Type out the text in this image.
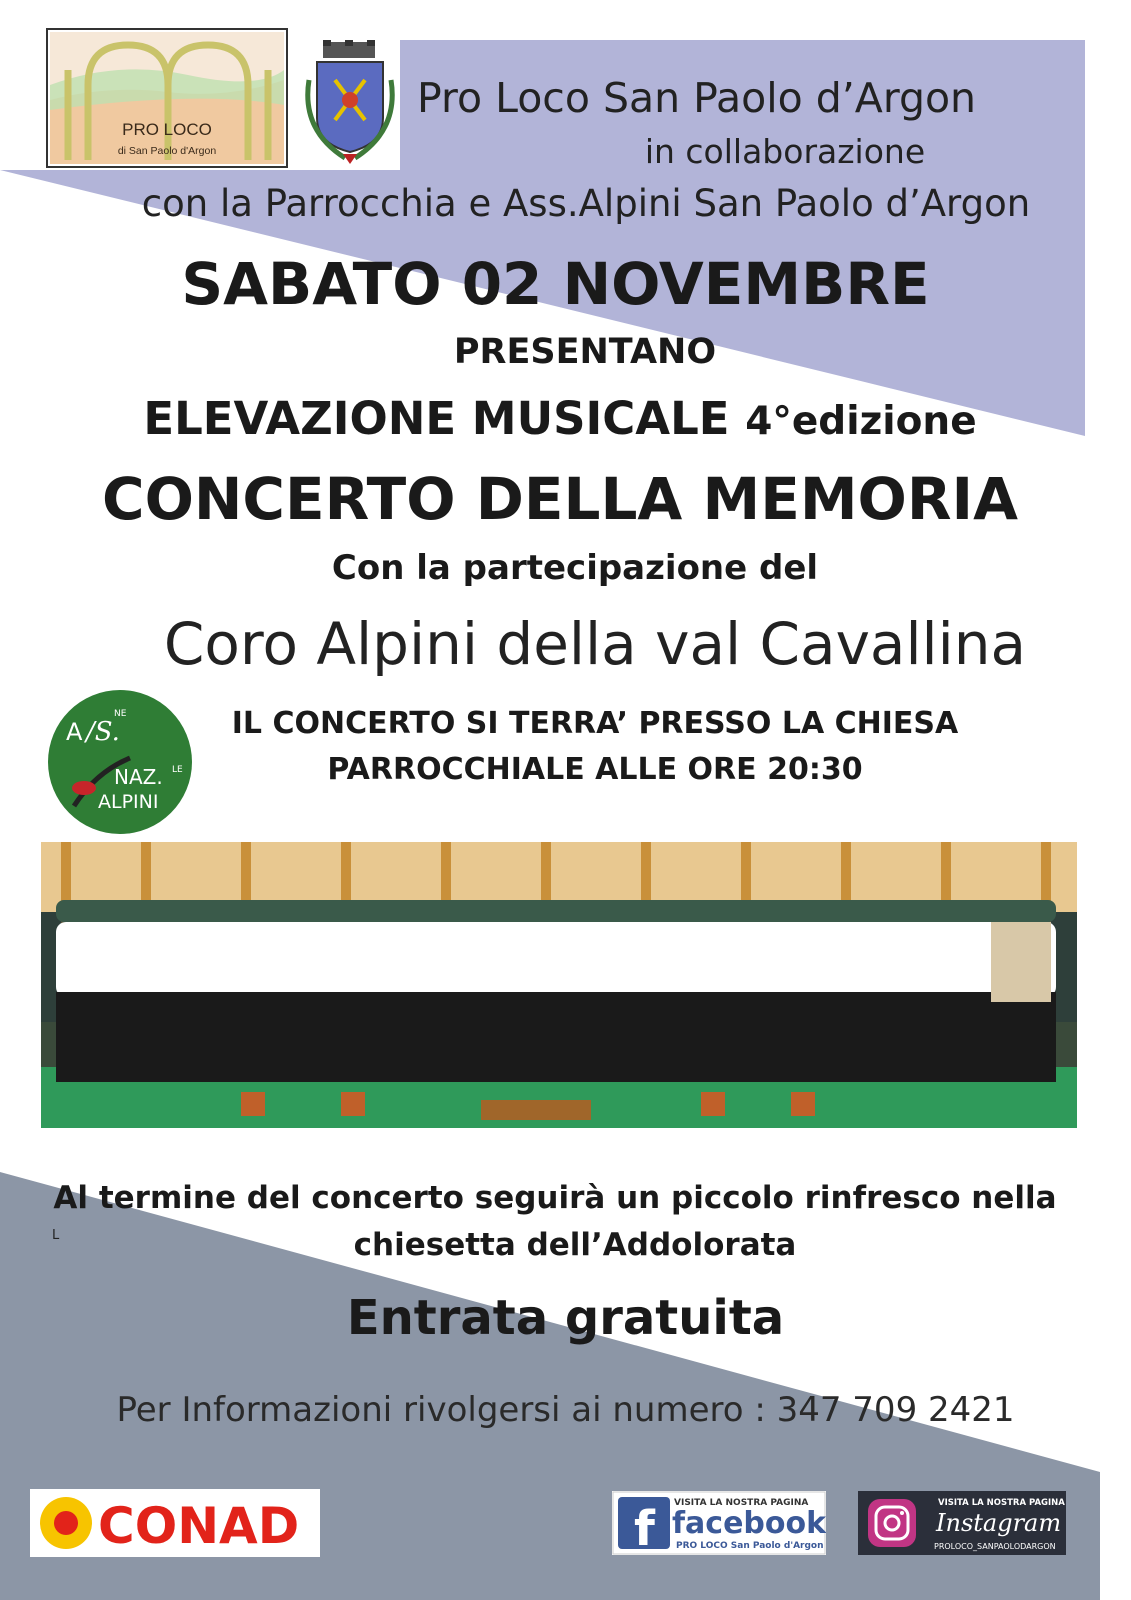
PRO LOCO
di San Paolo d'Argon
Pro Loco San Paolo d’Argon
in collaborazione
con la Parrocchia e Ass.Alpini San Paolo d’Argon
SABATO 02 NOVEMBRE
PRESENTANO
ELEVAZIONE MUSICALE 4°edizione
CONCERTO DELLA MEMORIA
Con la partecipazione del
Coro Alpini della val Cavallina
A /S.
NE
NAZ. LE
ALPINI
IL CONCERTO SI TERRA’ PRESSO LA CHIESA
PARROCCHIALE ALLE ORE 20:30
Al termine del concerto seguirà un piccolo rinfresco nella
chiesetta dell’Addolorata
L
Entrata gratuita
Per Informazioni rivolgersi ai numero : 347 709 2421
CONAD	f VISITA LA NOSTRA PAGINA
facebook
PRO LOCO San Paolo d'Argon
VISITA LA NOSTRA PAGINA
Instagram
PROLOCO_SANPAOLODARGON
